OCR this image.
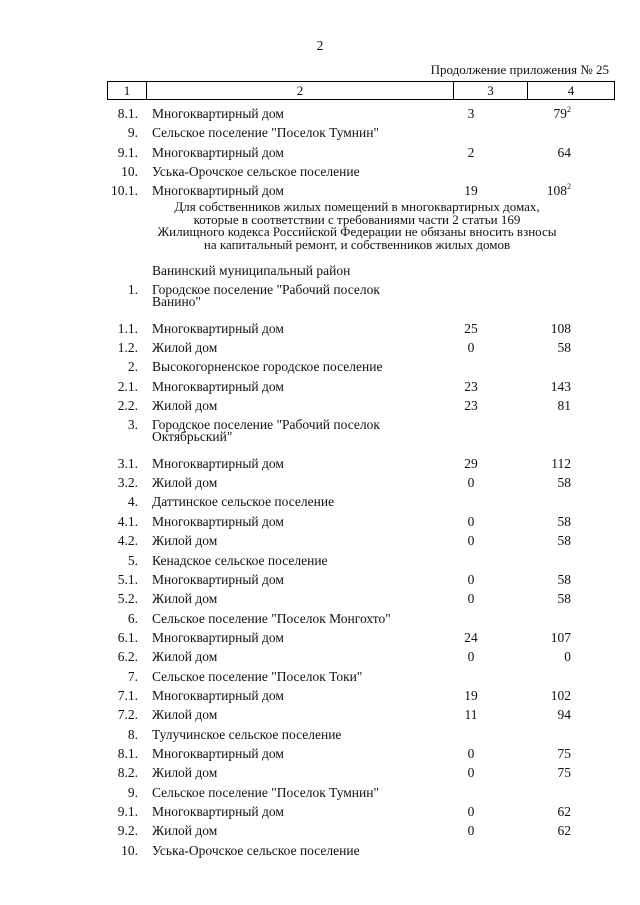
2
Продолжение приложения № 25
1	2	3	4
8.1. Многоквартирный дом	3	$79^2$
9. Сельское поселение "Поселок Тумнин"
9.1. Многоквартирный дом	2	64
10. Уська-Орочское сельское поселение
10.1. Многоквартирный дом	19	$108^2$
Для собственников жилых помещений в многоквартирных домах,
которые в соответствии с требованиями части 2 статьи 169
Жилищного кодекса Российской Федерации не обязаны вносить взносы
на капитальный ремонт, и собственников жилых домов
Ванинский муниципальный район
1. Городское поселение "Рабочий поселок
Ванино"
1.1. Многоквартирный дом	25	108
1.2. Жилой дом	0	58
2. Высокогорненское городское поселение
2.1. Многоквартирный дом	23	143
2.2. Жилой дом	23	81
3. Городское поселение "Рабочий поселок
Октябрьский"
3.1. Многоквартирный дом	29	112
3.2. Жилой дом	0	58
4. Даттинское сельское поселение
4.1. Многоквартирный дом	0	58
4.2. Жилой дом	0	58
5. Кенадское сельское поселение
5.1. Многоквартирный дом	0	58
5.2. Жилой дом	0	58
6. Сельское поселение "Поселок Монгохто"
6.1. Многоквартирный дом	24	107
6.2. Жилой дом	0	0
7. Сельское поселение "Поселок Токи"
7.1. Многоквартирный дом	19	102
7.2. Жилой дом	11	94
8. Тулучинское сельское поселение
8.1. Многоквартирный дом	0	75
8.2. Жилой дом	0	75
9. Сельское поселение "Поселок Тумнин"
9.1. Многоквартирный дом	0	62
9.2. Жилой дом	0	62
10. Уська-Орочское сельское поселение
